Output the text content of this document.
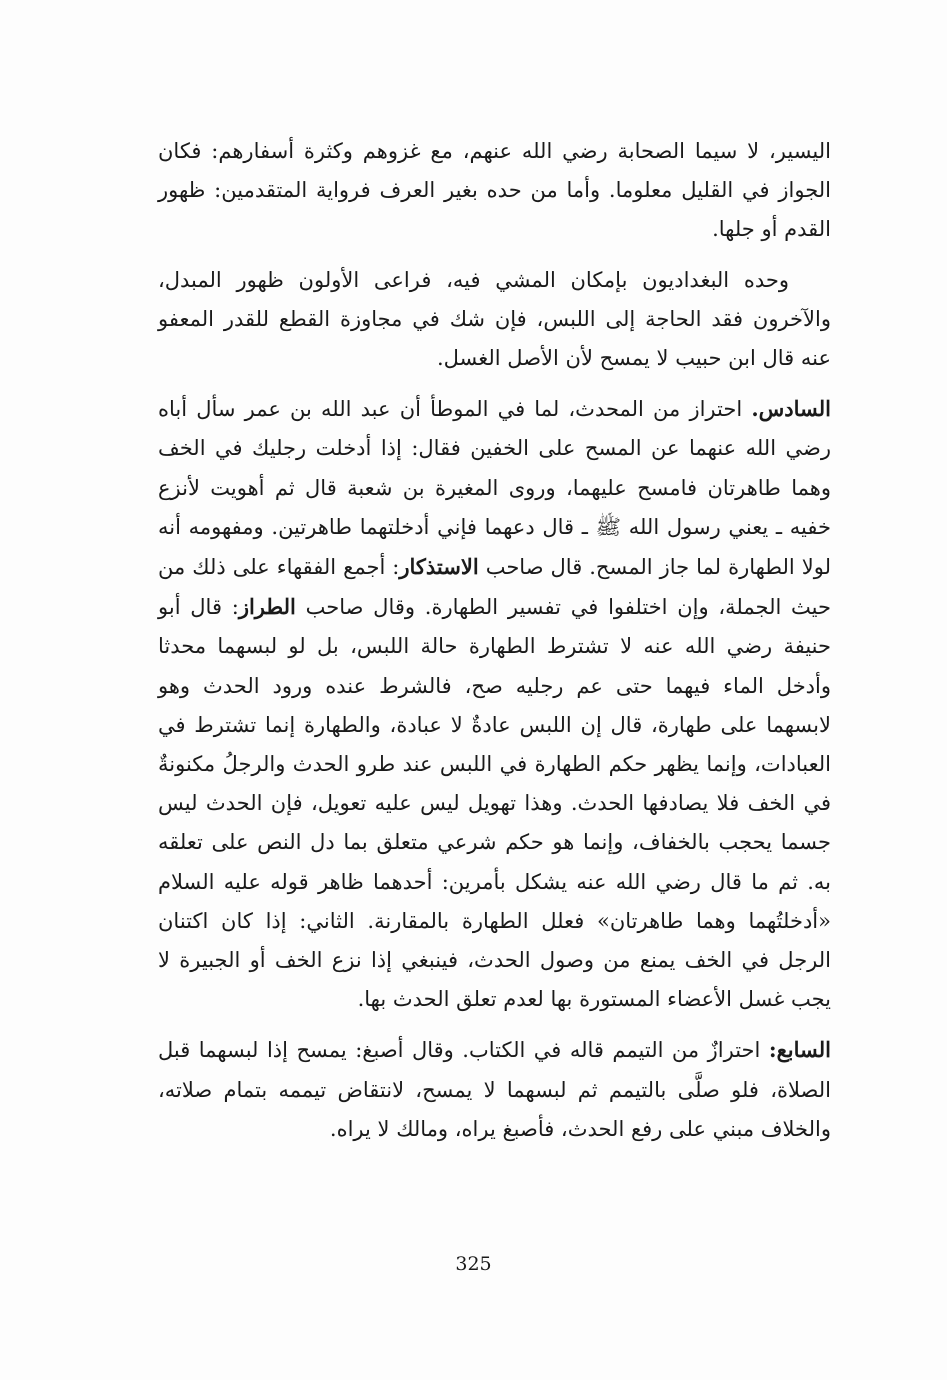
اليسير، لا سيما الصحابة رضي الله عنهم، مع غزوهم وكثرة أسفارهم: فكان الجواز في القليل معلوما. وأما من حده بغير العرف فرواية المتقدمين: ظهور القدم أو جلها.

وحده البغداديون بإمكان المشي فيه، فراعى الأولون ظهور المبدل، والآخرون فقد الحاجة إلى اللبس، فإن شك في مجاوزة القطع للقدر المعفو عنه قال ابن حبيب لا يمسح لأن الأصل الغسل.

السادس. احتراز من المحدث، لما في الموطأ أن عبد الله بن عمر سأل أباه رضي الله عنهما عن المسح على الخفين فقال: إذا أدخلت رجليك في الخف وهما طاهرتان فامسح عليهما، وروى المغيرة بن شعبة قال ثم أهويت لأنزع خفيه ـ يعني رسول الله ﷺ ـ قال دعهما فإني أدخلتهما طاهرتين. ومفهومه أنه لولا الطهارة لما جاز المسح. قال صاحب الاستذكار: أجمع الفقهاء على ذلك من حيث الجملة، وإن اختلفوا في تفسير الطهارة. وقال صاحب الطراز: قال أبو حنيفة رضي الله عنه لا تشترط الطهارة حالة اللبس، بل لو لبسهما محدثا وأدخل الماء فيهما حتى عم رجليه صح، فالشرط عنده ورود الحدث وهو لابسهما على طهارة، قال إن اللبس عادةٌ لا عبادة، والطهارة إنما تشترط في العبادات، وإنما يظهر حكم الطهارة في اللبس عند طرو الحدث والرجلُ مكنونةٌ في الخف فلا يصادفها الحدث. وهذا تهويل ليس عليه تعويل، فإن الحدث ليس جسما يحجب بالخفاف، وإنما هو حكم شرعي متعلق بما دل النص على تعلقه به. ثم ما قال رضي الله عنه يشكل بأمرين: أحدهما ظاهر قوله عليه السلام «أدخلتُهما وهما طاهرتان» فعلل الطهارة بالمقارنة. الثاني: إذا كان اكتنان الرجل في الخف يمنع من وصول الحدث، فينبغي إذا نزع الخف أو الجبيرة لا يجب غسل الأعضاء المستورة بها لعدم تعلق الحدث بها.

السابع: احترازٌ من التيمم قاله في الكتاب. وقال أصبغ: يمسح إذا لبسهما قبل الصلاة، فلو صلَّى بالتيمم ثم لبسهما لا يمسح، لانتقاض تيممه بتمام صلاته، والخلاف مبني على رفع الحدث، فأصبغ يراه، ومالك لا يراه.

325
